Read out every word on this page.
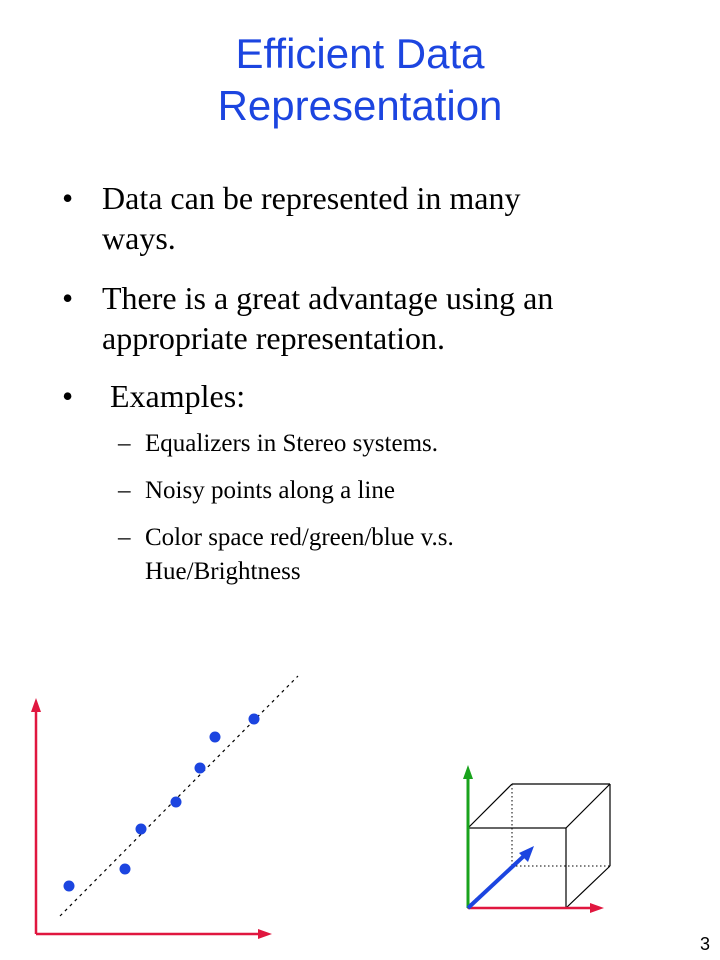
Efficient Data
Representation
• Data can be represented in many
ways.
• There is a great advantage using an
appropriate representation.
• Examples:
– Equalizers in Stereo systems.
– Noisy points along a line
– Color space red/green/blue v.s.
Hue/Brightness
3
